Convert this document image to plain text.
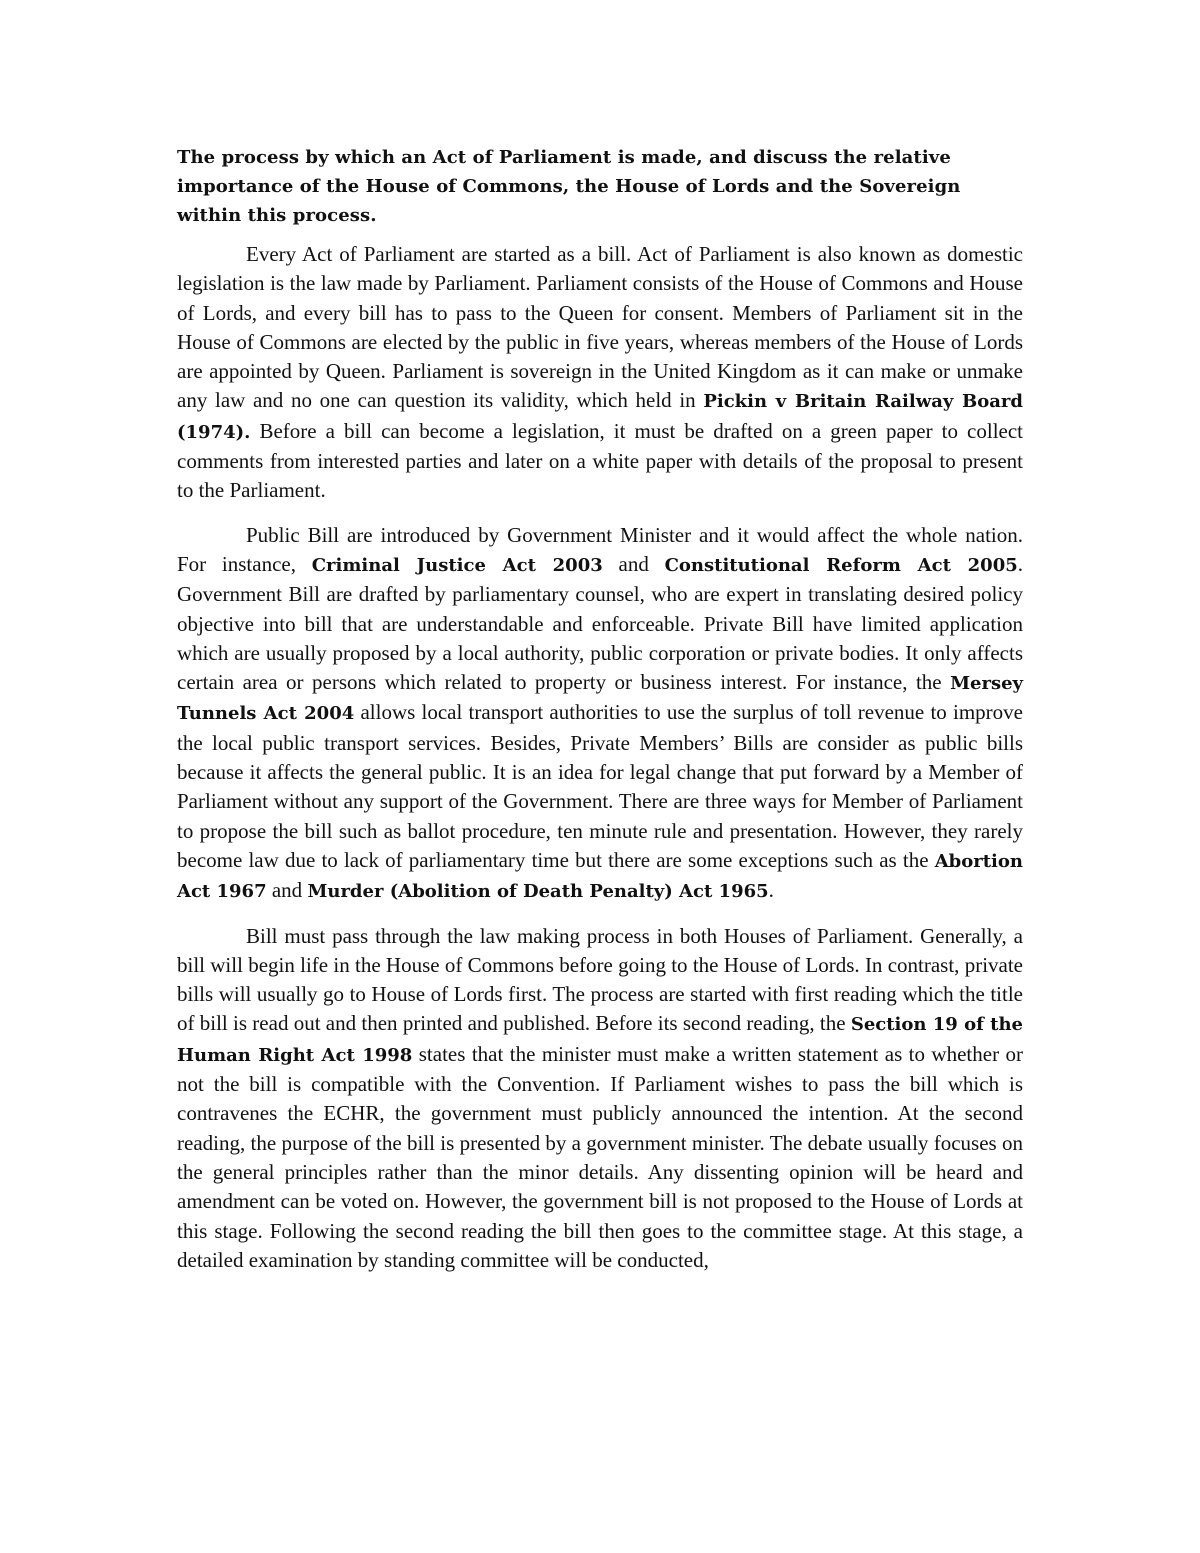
The process by which an Act of Parliament is made, and discuss the relative importance of the House of Commons, the House of Lords and the Sovereign within this process.

Every Act of Parliament are started as a bill. Act of Parliament is also known as domestic legislation is the law made by Parliament. Parliament consists of the House of Commons and House of Lords, and every bill has to pass to the Queen for consent. Members of Parliament sit in the House of Commons are elected by the public in five years, whereas members of the House of Lords are appointed by Queen. Parliament is sovereign in the United Kingdom as it can make or unmake any law and no one can question its validity, which held in Pickin v Britain Railway Board (1974). Before a bill can become a legislation, it must be drafted on a green paper to collect comments from interested parties and later on a white paper with details of the proposal to present to the Parliament.

Public Bill are introduced by Government Minister and it would affect the whole nation. For instance, Criminal Justice Act 2003 and Constitutional Reform Act 2005. Government Bill are drafted by parliamentary counsel, who are expert in translating desired policy objective into bill that are understandable and enforceable. Private Bill have limited application which are usually proposed by a local authority, public corporation or private bodies. It only affects certain area or persons which related to property or business interest. For instance, the Mersey Tunnels Act 2004 allows local transport authorities to use the surplus of toll revenue to improve the local public transport services. Besides, Private Members’ Bills are consider as public bills because it affects the general public. It is an idea for legal change that put forward by a Member of Parliament without any support of the Government. There are three ways for Member of Parliament to propose the bill such as ballot procedure, ten minute rule and presentation. However, they rarely become law due to lack of parliamentary time but there are some exceptions such as the Abortion Act 1967 and Murder (Abolition of Death Penalty) Act 1965.

Bill must pass through the law making process in both Houses of Parliament. Generally, a bill will begin life in the House of Commons before going to the House of Lords. In contrast, private bills will usually go to House of Lords first. The process are started with first reading which the title of bill is read out and then printed and published. Before its second reading, the Section 19 of the Human Right Act 1998 states that the minister must make a written statement as to whether or not the bill is compatible with the Convention. If Parliament wishes to pass the bill which is contravenes the ECHR, the government must publicly announced the intention. At the second reading, the purpose of the bill is presented by a government minister. The debate usually focuses on the general principles rather than the minor details. Any dissenting opinion will be heard and amendment can be voted on. However, the government bill is not proposed to the House of Lords at this stage. Following the second reading the bill then goes to the committee stage. At this stage, a detailed examination by standing committee will be conducted,
